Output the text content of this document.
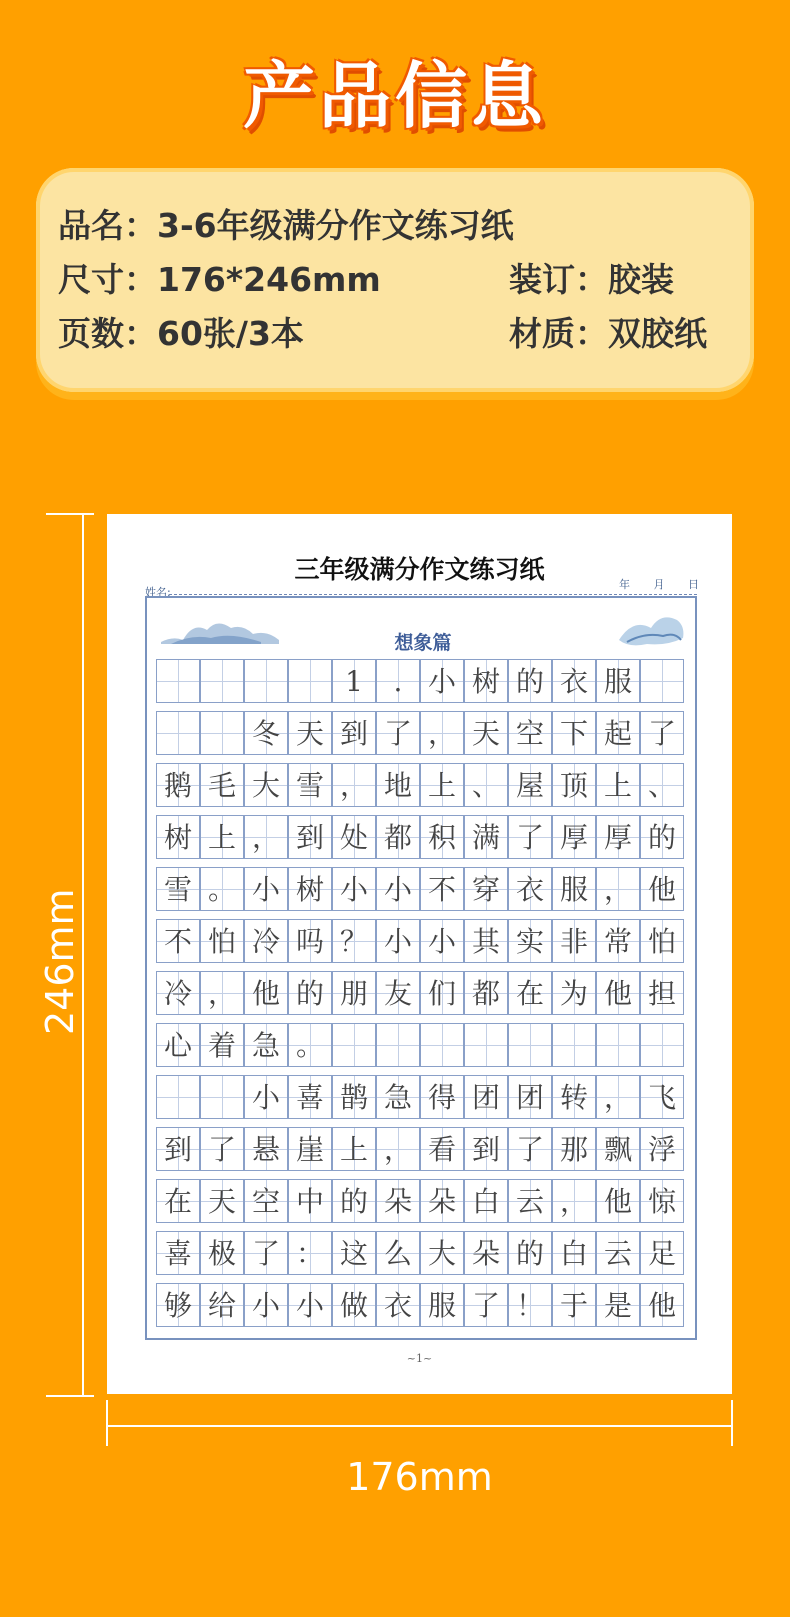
产品信息
品名：3-6年级满分作文练习纸
尺寸：176*246mm	装订：胶装
页数：60张/3本	材质：双胶纸
246mm
176mm
三年级满分作文练习纸
姓名:
年 月 日
想象篇
1	. 小 树 的 衣 服
冬 天 到 了 ， 天 空 下 起 了
鹅 毛 大 雪 ， 地 上 、 屋 顶 上 、
树 上 ， 到 处 都 积 满 了 厚 厚 的
雪 。 小 树 小 小 不 穿 衣 服 ， 他
不 怕 冷 吗 ？ 小 小 其 实 非 常 怕
冷 ， 他 的 朋 友 们 都 在 为 他 担
心 着 急 。
小 喜 鹊 急 得 团 团 转 ， 飞
到 了 悬 崖 上 ， 看 到 了 那 飘 浮
在 天 空 中 的 朵 朵 白 云 ， 他 惊
喜 极 了 ： 这 么 大 朵 的 白 云 足
够 给 小 小 做 衣 服 了 ！ 于 是 他
~1~
